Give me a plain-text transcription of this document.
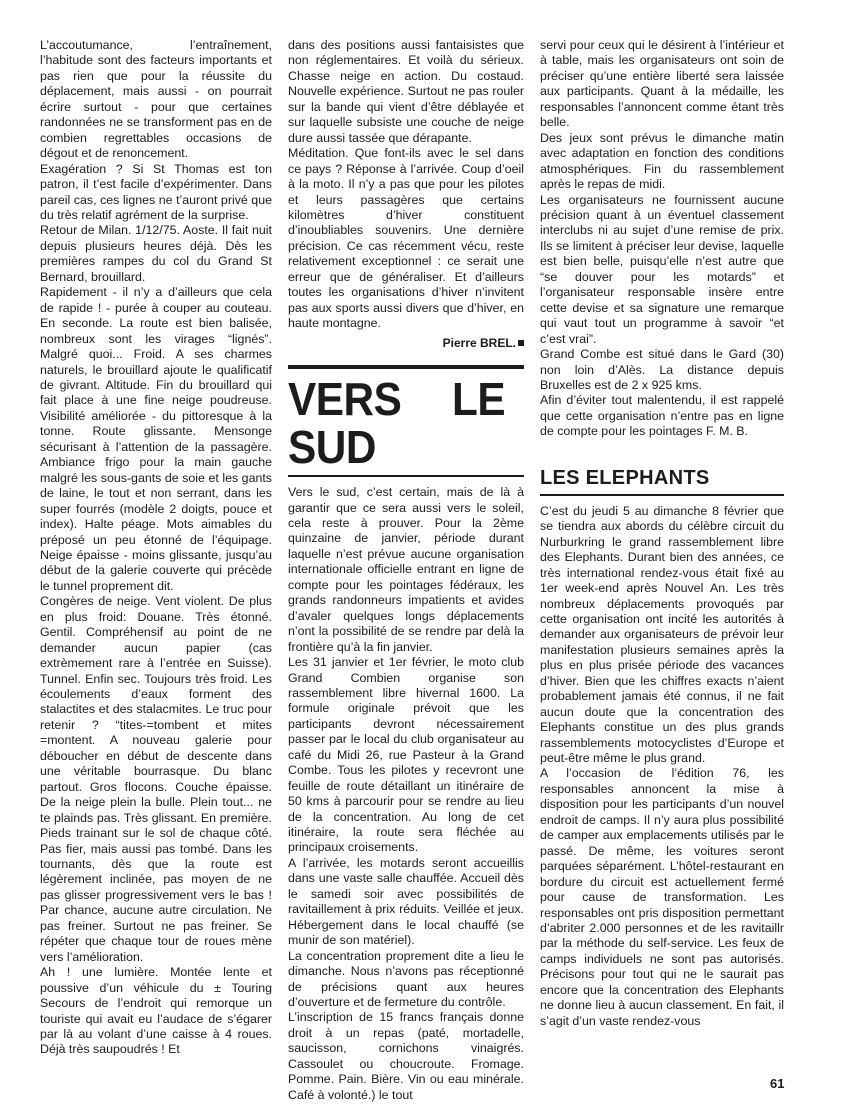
L’accoutumance, l’entraînement, l’habitude sont des facteurs importants et pas rien que pour la réussite du déplacement, mais aussi - on pourrait écrire surtout - pour que certaines randonnées ne se transforment pas en de combien regrettables occasions de dégout et de renoncement.

Exagération ? Si St Thomas est ton patron, il t’est facile d’expérimenter. Dans pareil cas, ces lignes ne t’auront privé que du très relatif agrément de la surprise.

Retour de Milan. 1/12/75. Aoste. Il fait nuit depuis plusieurs heures déjà. Dès les premières rampes du col du Grand St Bernard, brouillard.

Rapidement - il n’y a d’ailleurs que cela de rapide ! - purée à couper au couteau. En seconde. La route est bien balisée, nombreux sont les virages “lignés”. Malgré quoi... Froid. A ses charmes naturels, le brouillard ajoute le qualificatif de givrant. Altitude. Fin du brouillard qui fait place à une fine neige poudreuse. Visibilité améliorée - du pittoresque à la tonne. Route glissante. Mensonge sécurisant à l’attention de la passagère. Ambiance frigo pour la main gauche malgré les sous-gants de soie et les gants de laine, le tout et non serrant, dans les super fourrés (modèle 2 doigts, pouce et index). Halte péage. Mots aimables du préposé un peu étonné de l’équipage. Neige épaisse - moins glissante, jusqu’au début de la galerie couverte qui précède le tunnel proprement dit.

Congères de neige. Vent violent. De plus en plus froid: Douane. Très étonné. Gentil. Compréhensif au point de ne demander aucun papier (cas extrèmement rare à l’entrée en Suisse). Tunnel. Enfin sec. Toujours très froid. Les écoulements d’eaux forment des stalactites et des stalacmites. Le truc pour retenir ? “tites-=tombent et mites =montent. A nouveau galerie pour déboucher en début de descente dans une véritable bourrasque. Du blanc partout. Gros flocons. Couche épaisse. De la neige plein la bulle. Plein tout... ne te plainds pas. Très glissant. En première. Pieds trainant sur le sol de chaque côté. Pas fier, mais aussi pas tombé. Dans les tournants, dès que la route est légèrement inclinée, pas moyen de ne pas glisser progressivement vers le bas ! Par chance, aucune autre circulation. Ne pas freiner. Surtout ne pas freiner. Se répéter que chaque tour de roues mène vers l’amélioration.

Ah ! une lumière. Montée lente et poussive d’un véhicule du ± Touring Secours de l’endroit qui remorque un touriste qui avait eu l’audace de s’égarer par là au volant d’une caisse à 4 roues. Déjà très saupoudrés ! Et

dans des positions aussi fantaisistes que non réglementaires. Et voilà du sérieux. Chasse neige en action. Du costaud. Nouvelle expérience. Surtout ne pas rouler sur la bande qui vient d’être déblayée et sur laquelle subsiste une couche de neige dure aussi tassée que dérapante.

Méditation. Que font-ils avec le sel dans ce pays ? Réponse à l’arrivée. Coup d’oeil à la moto. Il n’y a pas que pour les pilotes et leurs passagères que certains kilomètres d’hiver constituent d’inoubliables souvenirs. Une dernière précision. Ce cas récemment vécu, reste relativement exceptionnel : ce serait une erreur que de généraliser. Et d’ailleurs toutes les organisations d’hiver n’invitent pas aux sports aussi divers que d’hiver, en haute montagne.

Pierre BREL.

VERS LE SUD

Vers le sud, c’est certain, mais de là à garantir que ce sera aussi vers le soleil, cela reste à prouver. Pour la 2ème quinzaine de janvier, période durant laquelle n’est prévue aucune organisation internationale officielle entrant en ligne de compte pour les pointages fédéraux, les grands randonneurs impatients et avides d’avaler quelques longs déplacements n’ont la possibilité de se rendre par delà la frontière qu’à la fin janvier.

Les 31 janvier et 1er février, le moto club Grand Combien organise son rassemblement libre hivernal 1600. La formule originale prévoit que les participants devront nécessairement passer par le local du club organisateur au café du Midi 26, rue Pasteur à la Grand Combe. Tous les pilotes y recevront une feuille de route détaillant un itinéraire de 50 kms à parcourir pour se rendre au lieu de la concentration. Au long de cet itinéraire, la route sera fléchée au principaux croisements.

A l’arrivée, les motards seront accueillis dans une vaste salle chauffée. Accueil dès le samedi soir avec possibilités de ravitaillement à prix réduits. Veillée et jeux. Hébergement dans le local chauffé (se munir de son matériel).

La concentration proprement dite a lieu le dimanche. Nous n’avons pas réceptionné de précisions quant aux heures d’ouverture et de fermeture du contrôle.

L’inscription de 15 francs français donne droit à un repas (paté, mortadelle, saucisson, cornichons vinaigrés. Cassoulet ou choucroute. Fromage. Pomme. Pain. Bière. Vin ou eau minérale. Café à volonté.) le tout

servi pour ceux qui le désirent à l’intérieur et à table, mais les organisateurs ont soin de préciser qu’une entière liberté sera laissée aux participants. Quant à la médaille, les responsables l’annoncent comme étant très belle.

Des jeux sont prévus le dimanche matin avec adaptation en fonction des conditions atmosphériques. Fin du rassemblement après le repas de midi.

Les organisateurs ne fournissent aucune précision quant à un éventuel classement interclubs ni au sujet d’une remise de prix. Ils se limitent à préciser leur devise, laquelle est bien belle, puisqu’elle n’est autre que “se douver pour les motards” et l’organisateur responsable insère entre cette devise et sa signature une remarque qui vaut tout un programme à savoir “et c’est vrai”.

Grand Combe est situé dans le Gard (30) non loin d’Alès. La distance depuis Bruxelles est de 2 x 925 kms.

Afin d’éviter tout malentendu, il est rappelé que cette organisation n’entre pas en ligne de compte pour les pointages F. M. B.

LES ELEPHANTS

C’est du jeudi 5 au dimanche 8 février que se tiendra aux abords du célèbre circuit du Nurburkring le grand rassemblement libre des Elephants. Durant bien des années, ce très international rendez-vous était fixé au 1er week-end après Nouvel An. Les très nombreux déplacements provoqués par cette organisation ont incité les autorités à demander aux organisateurs de prévoir leur manifestation plusieurs semaines après la plus en plus prisée période des vacances d’hiver. Bien que les chiffres exacts n’aient probablement jamais été connus, il ne fait aucun doute que la concentration des Elephants constitue un des plus grands rassemblements motocyclistes d’Europe et peut-être même le plus grand.

A l’occasion de l’édition 76, les responsables annoncent la mise à disposition pour les participants d’un nouvel endroit de camps. Il n’y aura plus possibilité de camper aux emplacements utilisés par le passé. De même, les voitures seront parquées séparément. L’hôtel-restaurant en bordure du circuit est actuellement fermé pour cause de transformation. Les responsables ont pris disposition permettant d’abriter 2.000 personnes et de les ravitaillr par la méthode du self-service. Les feux de camps individuels ne sont pas autorisés. Précisons pour tout qui ne le saurait pas encore que la concentration des Elephants ne donne lieu à aucun classement. En fait, il s’agit d’un vaste rendez-vous

61
